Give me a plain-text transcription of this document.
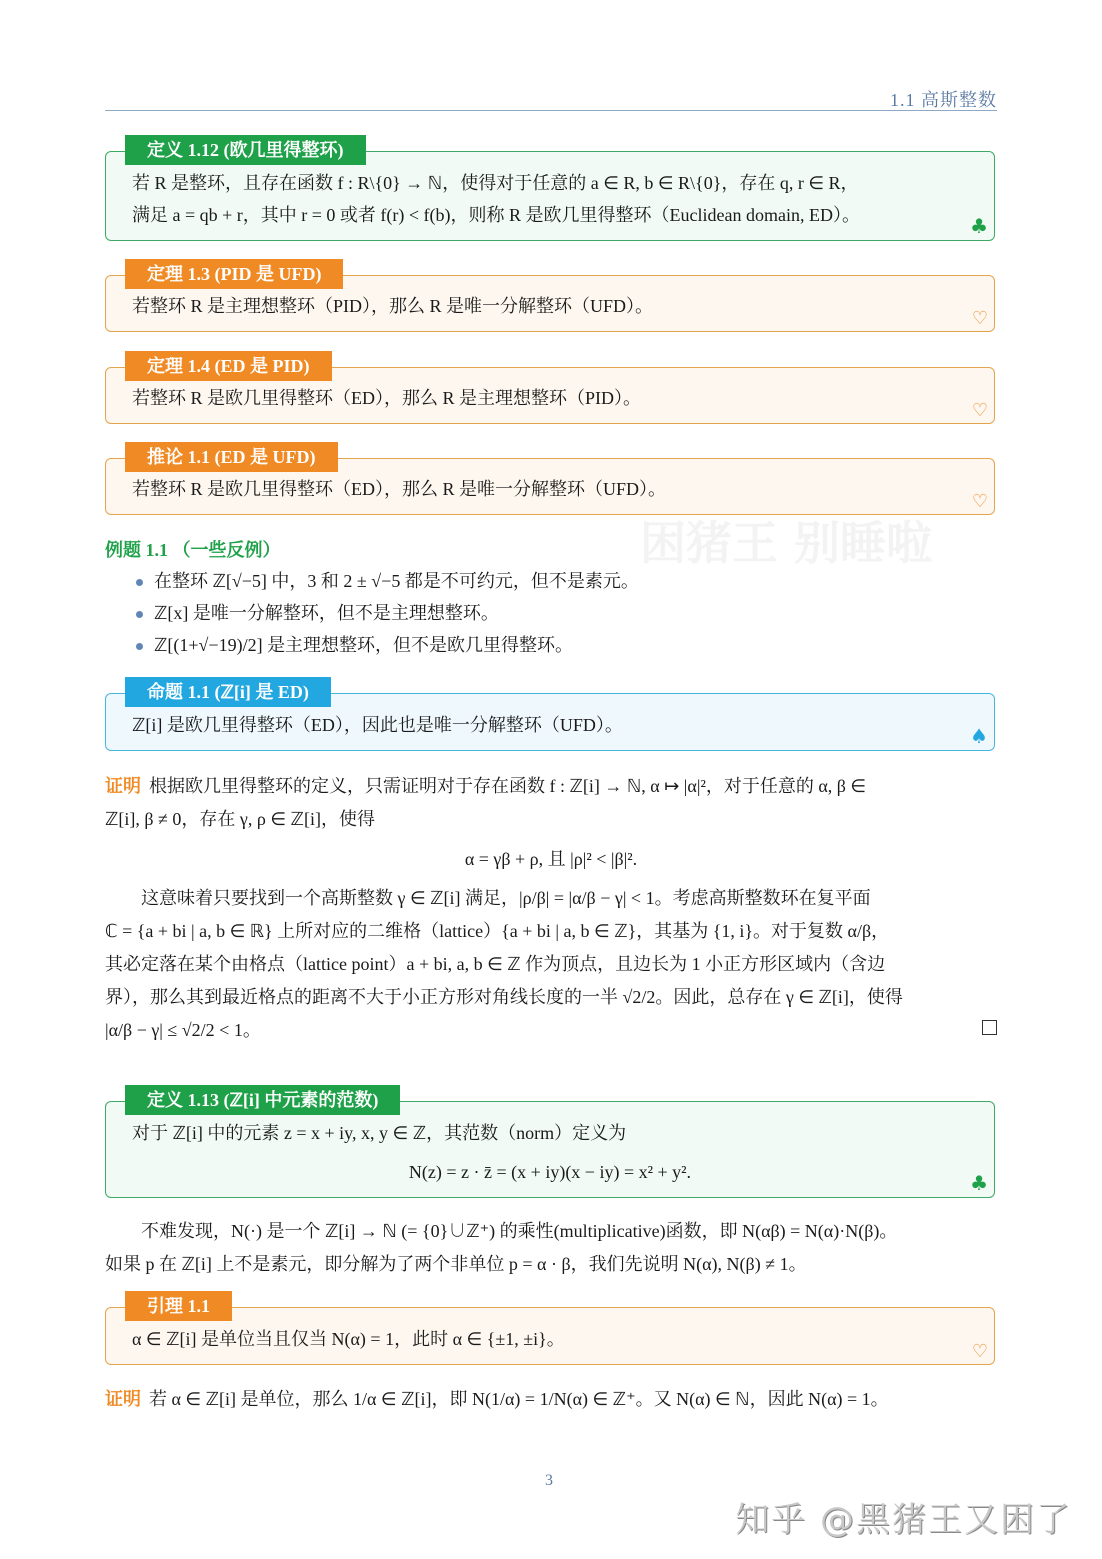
困猪王 别睡啦
1.1 高斯整数
定义 1.12 (欧几里得整环)
若 R 是整环，且存在函数 f : R\{0} → ℕ，使得对于任意的 a ∈ R, b ∈ R\{0}，存在 q, r ∈ R，
满足 a = qb + r，其中 r = 0 或者 f(r) < f(b)，则称 R 是欧几里得整环（Euclidean domain, ED）。	♣
定理 1.3 (PID 是 UFD)
若整环 R 是主理想整环（PID），那么 R 是唯一分解整环（UFD）。
♡
定理 1.4 (ED 是 PID)
若整环 R 是欧几里得整环（ED），那么 R 是主理想整环（PID）。
♡
推论 1.1 (ED 是 UFD)
若整环 R 是欧几里得整环（ED），那么 R 是唯一分解整环（UFD）。
♡
例题 1.1 （一些反例）
在整环 ℤ[√−5] 中，3 和 2 ± √−5 都是不可约元，但不是素元。
ℤ[x] 是唯一分解整环，但不是主理想整环。
ℤ[(1+√−19)/2] 是主理想整环，但不是欧几里得整环。
命题 1.1 (ℤ[i] 是 ED)
ℤ[i] 是欧几里得整环（ED），因此也是唯一分解整环（UFD）。	♠
证明 根据欧几里得整环的定义，只需证明对于存在函数 f : ℤ[i] → ℕ, α ↦ |α|²，对于任意的 α, β ∈
ℤ[i], β ≠ 0，存在 γ, ρ ∈ ℤ[i]，使得
α = γβ + ρ, 且 |ρ|² < |β|².
这意味着只要找到一个高斯整数 γ ∈ ℤ[i] 满足，|ρ/β| = |α/β − γ| < 1。考虑高斯整数环在复平面
ℂ = {a + bi | a, b ∈ ℝ} 上所对应的二维格（lattice）{a + bi | a, b ∈ ℤ}，其基为 {1, i}。对于复数 α/β，
其必定落在某个由格点（lattice point）a + bi, a, b ∈ ℤ 作为顶点，且边长为 1 小正方形区域内（含边
界），那么其到最近格点的距离不大于小正方形对角线长度的一半 √2/2。因此，总存在 γ ∈ ℤ[i]，使得
|α/β − γ| ≤ √2/2 < 1。
定义 1.13 (ℤ[i] 中元素的范数)
对于 ℤ[i] 中的元素 z = x + iy, x, y ∈ ℤ，其范数（norm）定义为
N(z) = z · z̄ = (x + iy)(x − iy) = x² + y².	♣
不难发现，N(·) 是一个 ℤ[i] → ℕ (= {0}∪ℤ⁺) 的乘性(multiplicative)函数，即 N(αβ) = N(α)·N(β)。
如果 p 在 ℤ[i] 上不是素元，即分解为了两个非单位 p = α · β，我们先说明 N(α), N(β) ≠ 1。
引理 1.1
α ∈ ℤ[i] 是单位当且仅当 N(α) = 1，此时 α ∈ {±1, ±i}。
♡
证明 若 α ∈ ℤ[i] 是单位，那么 1/α ∈ ℤ[i]，即 N(1/α) = 1/N(α) ∈ ℤ⁺。又 N(α) ∈ ℕ，因此 N(α) = 1。
3
知乎 @黑猪王又困了
